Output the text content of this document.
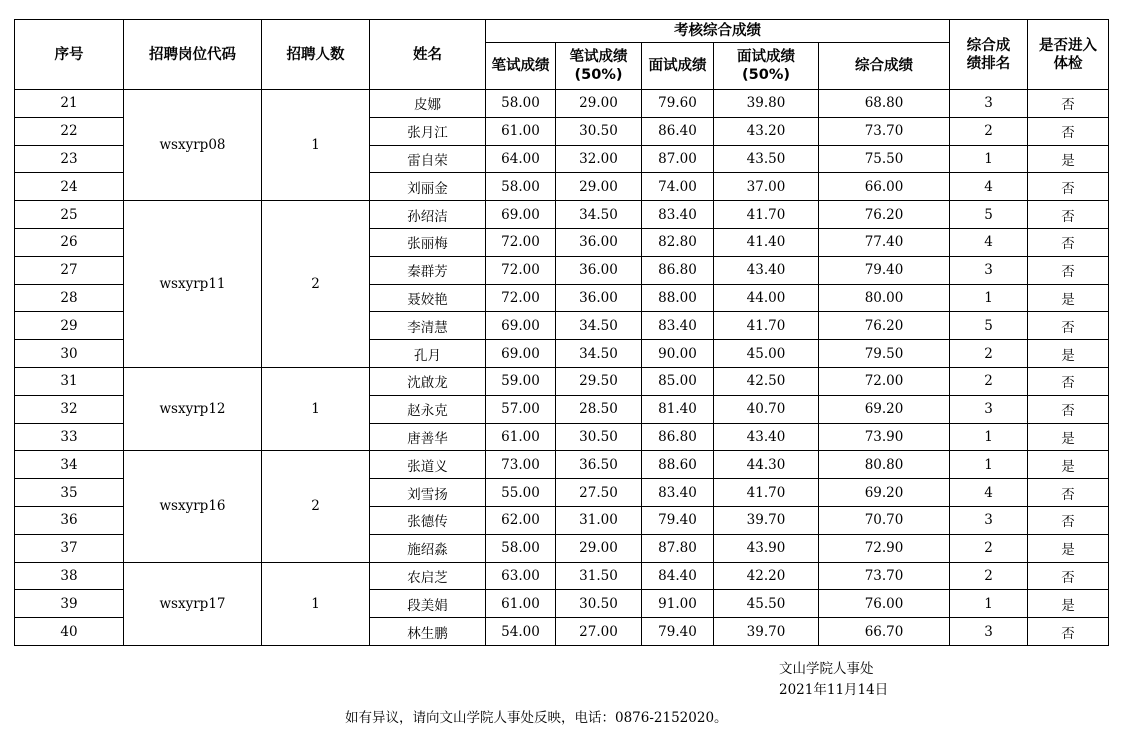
序号	招聘岗位代码	招聘人数	姓名	考核综合成绩					综合成绩排名	是否进入体检
				笔试成绩	笔试成绩(50%)	面试成绩	面试成绩(50%)	综合成绩		
21	wsxyrp08	1	皮娜	58.00	29.00	79.60	39.80	68.80	3	否
22			张月江	61.00	30.50	86.40	43.20	73.70	2	否
23			雷自荣	64.00	32.00	87.00	43.50	75.50	1	是
24			刘丽金	58.00	29.00	74.00	37.00	66.00	4	否
25	wsxyrp11	2	孙绍洁	69.00	34.50	83.40	41.70	76.20	5	否
26			张丽梅	72.00	36.00	82.80	41.40	77.40	4	否
27			秦群芳	72.00	36.00	86.80	43.40	79.40	3	否
28			聂姣艳	72.00	36.00	88.00	44.00	80.00	1	是
29			李清慧	69.00	34.50	83.40	41.70	76.20	5	否
30			孔月	69.00	34.50	90.00	45.00	79.50	2	是
31	wsxyrp12	1	沈啟龙	59.00	29.50	85.00	42.50	72.00	2	否
32			赵永克	57.00	28.50	81.40	40.70	69.20	3	否
33			唐善华	61.00	30.50	86.80	43.40	73.90	1	是
34	wsxyrp16	2	张道义	73.00	36.50	88.60	44.30	80.80	1	是
35			刘雪扬	55.00	27.50	83.40	41.70	69.20	4	否
36			张德传	62.00	31.00	79.40	39.70	70.70	3	否
37			施绍淼	58.00	29.00	87.80	43.90	72.90	2	是
38	wsxyrp17	1	农启芝	63.00	31.50	84.40	42.20	73.70	2	否
39			段美娟	61.00	30.50	91.00	45.50	76.00	1	是
40			林生鹏	54.00	27.00	79.40	39.70	66.70	3	否
文山学院人事处
2021年11月14日
如有异议，请向文山学院人事处反映，电话：0876-2152020。
